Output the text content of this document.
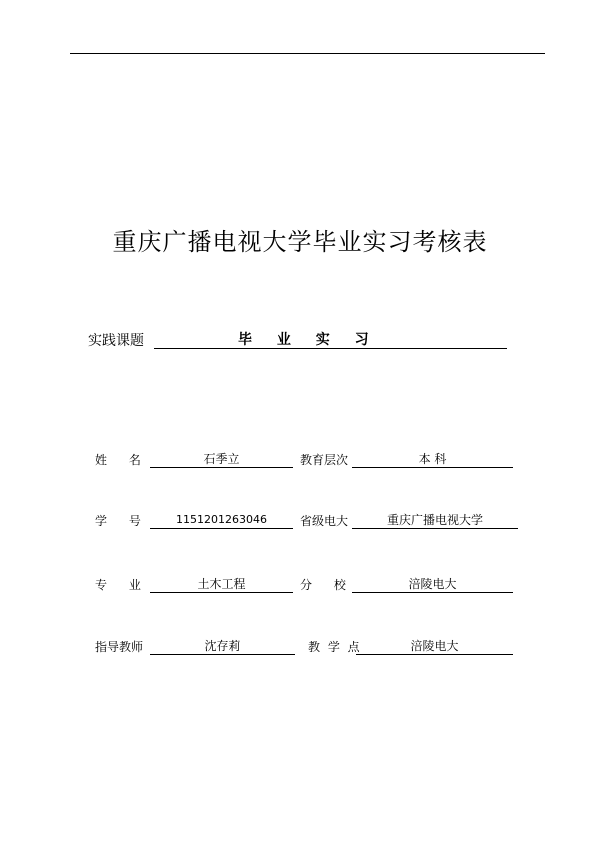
重庆广播电视大学毕业实习考核表
实践课题	毕 业 实 习
姓 名	石季立	教育层次	本 科
学 号	1151201263046	省级电大	重庆广播电视大学
专 业	土木工程	分 校	涪陵电大
指导教师	沈存莉	教 学 点	涪陵电大
